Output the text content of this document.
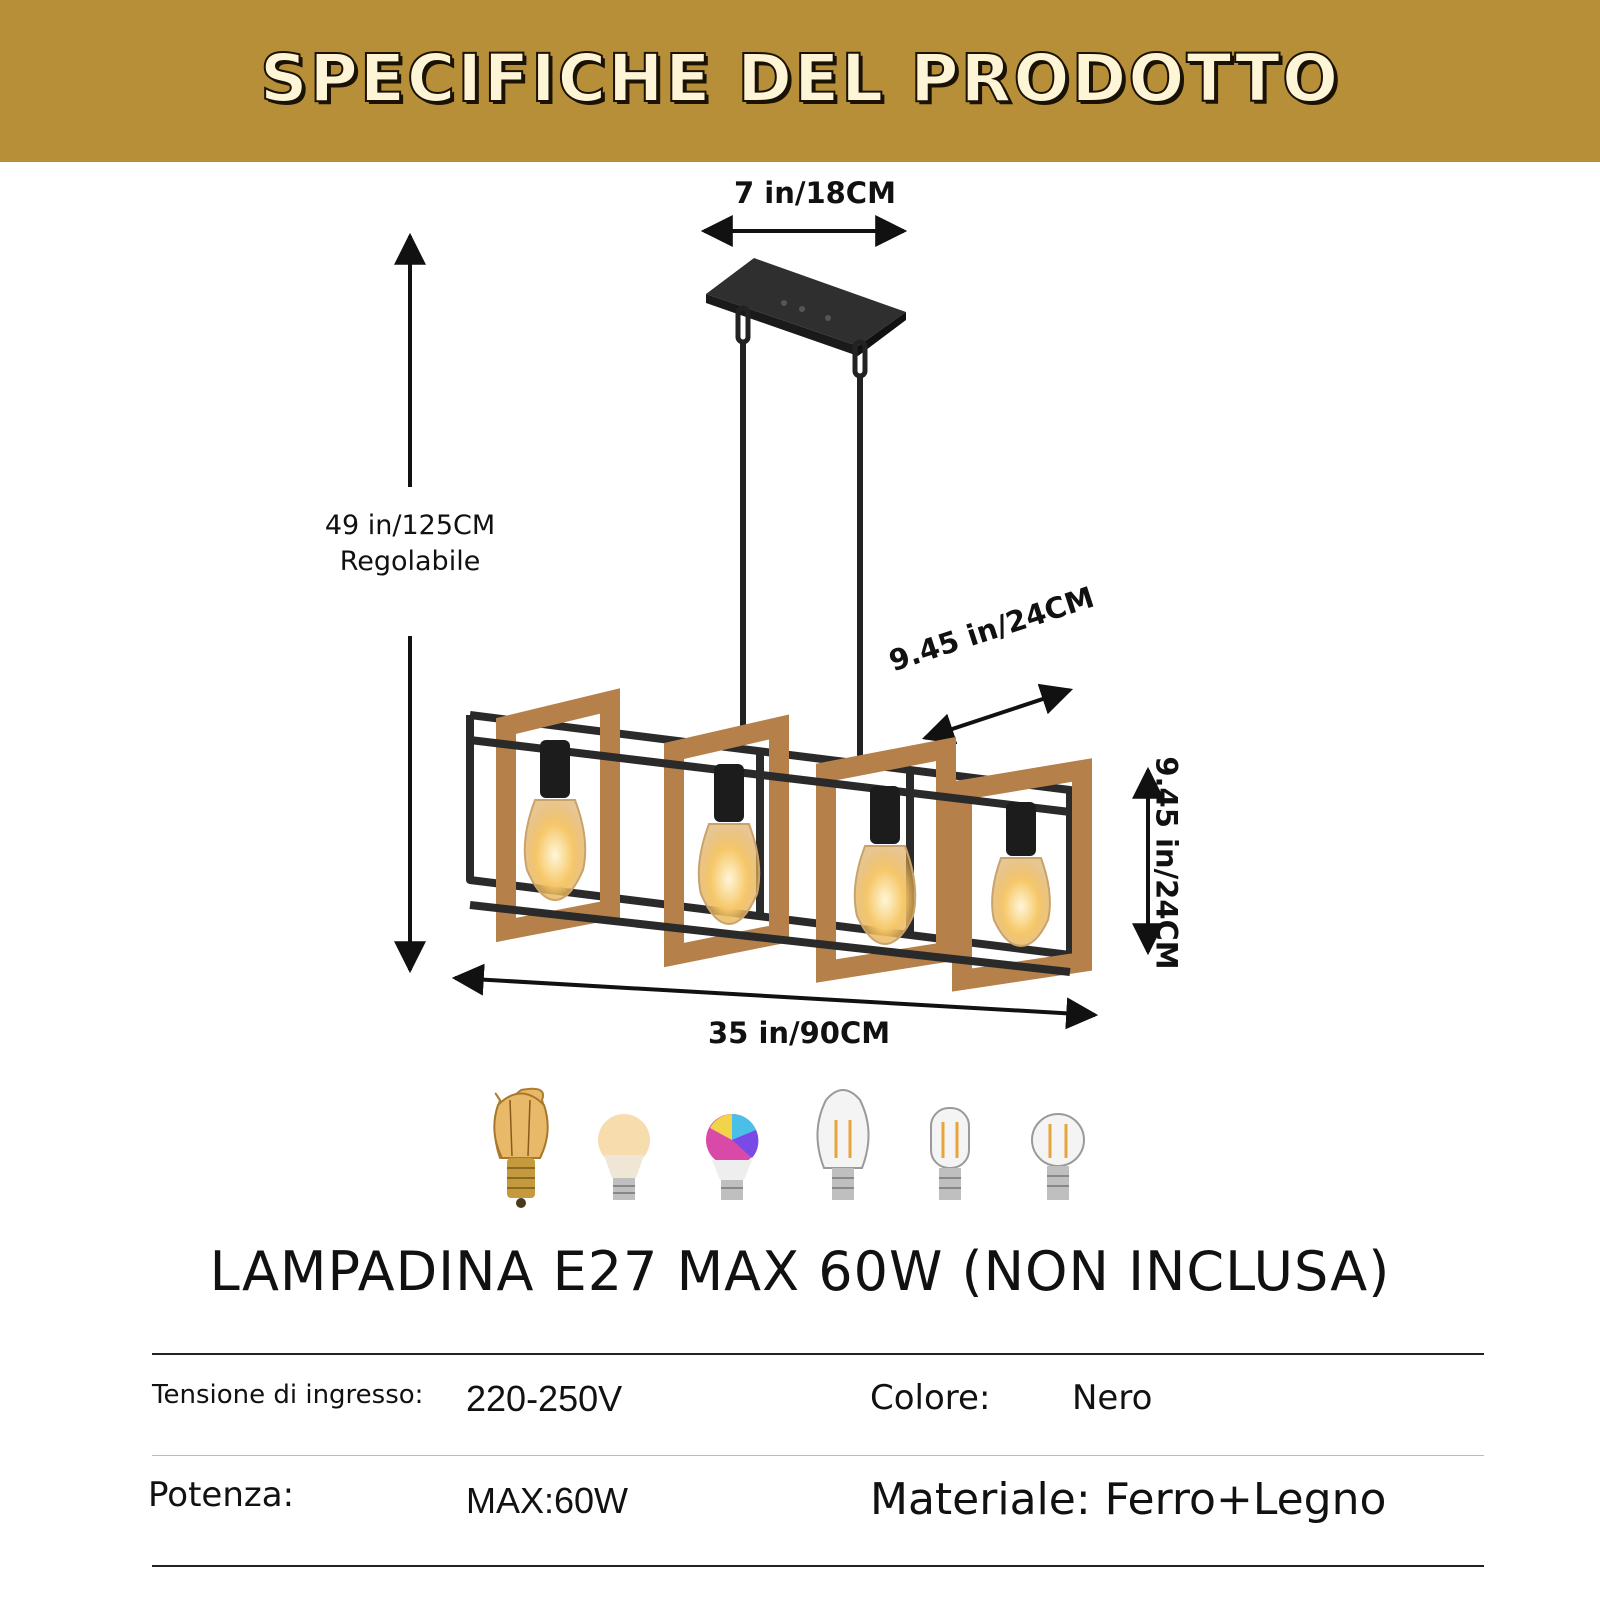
SPECIFICHE DEL PRODOTTO
7 in/18CM
49 in/125CM
Regolabile
9.45 in/24CM
9.45 in/24CM
35 in/90CM
LAMPADINA E27 MAX 60W (NON INCLUSA)
Tensione di ingresso: 220-250V	Colore: Nero
Potenza:	MAX:60W	Materiale: Ferro+Legno
